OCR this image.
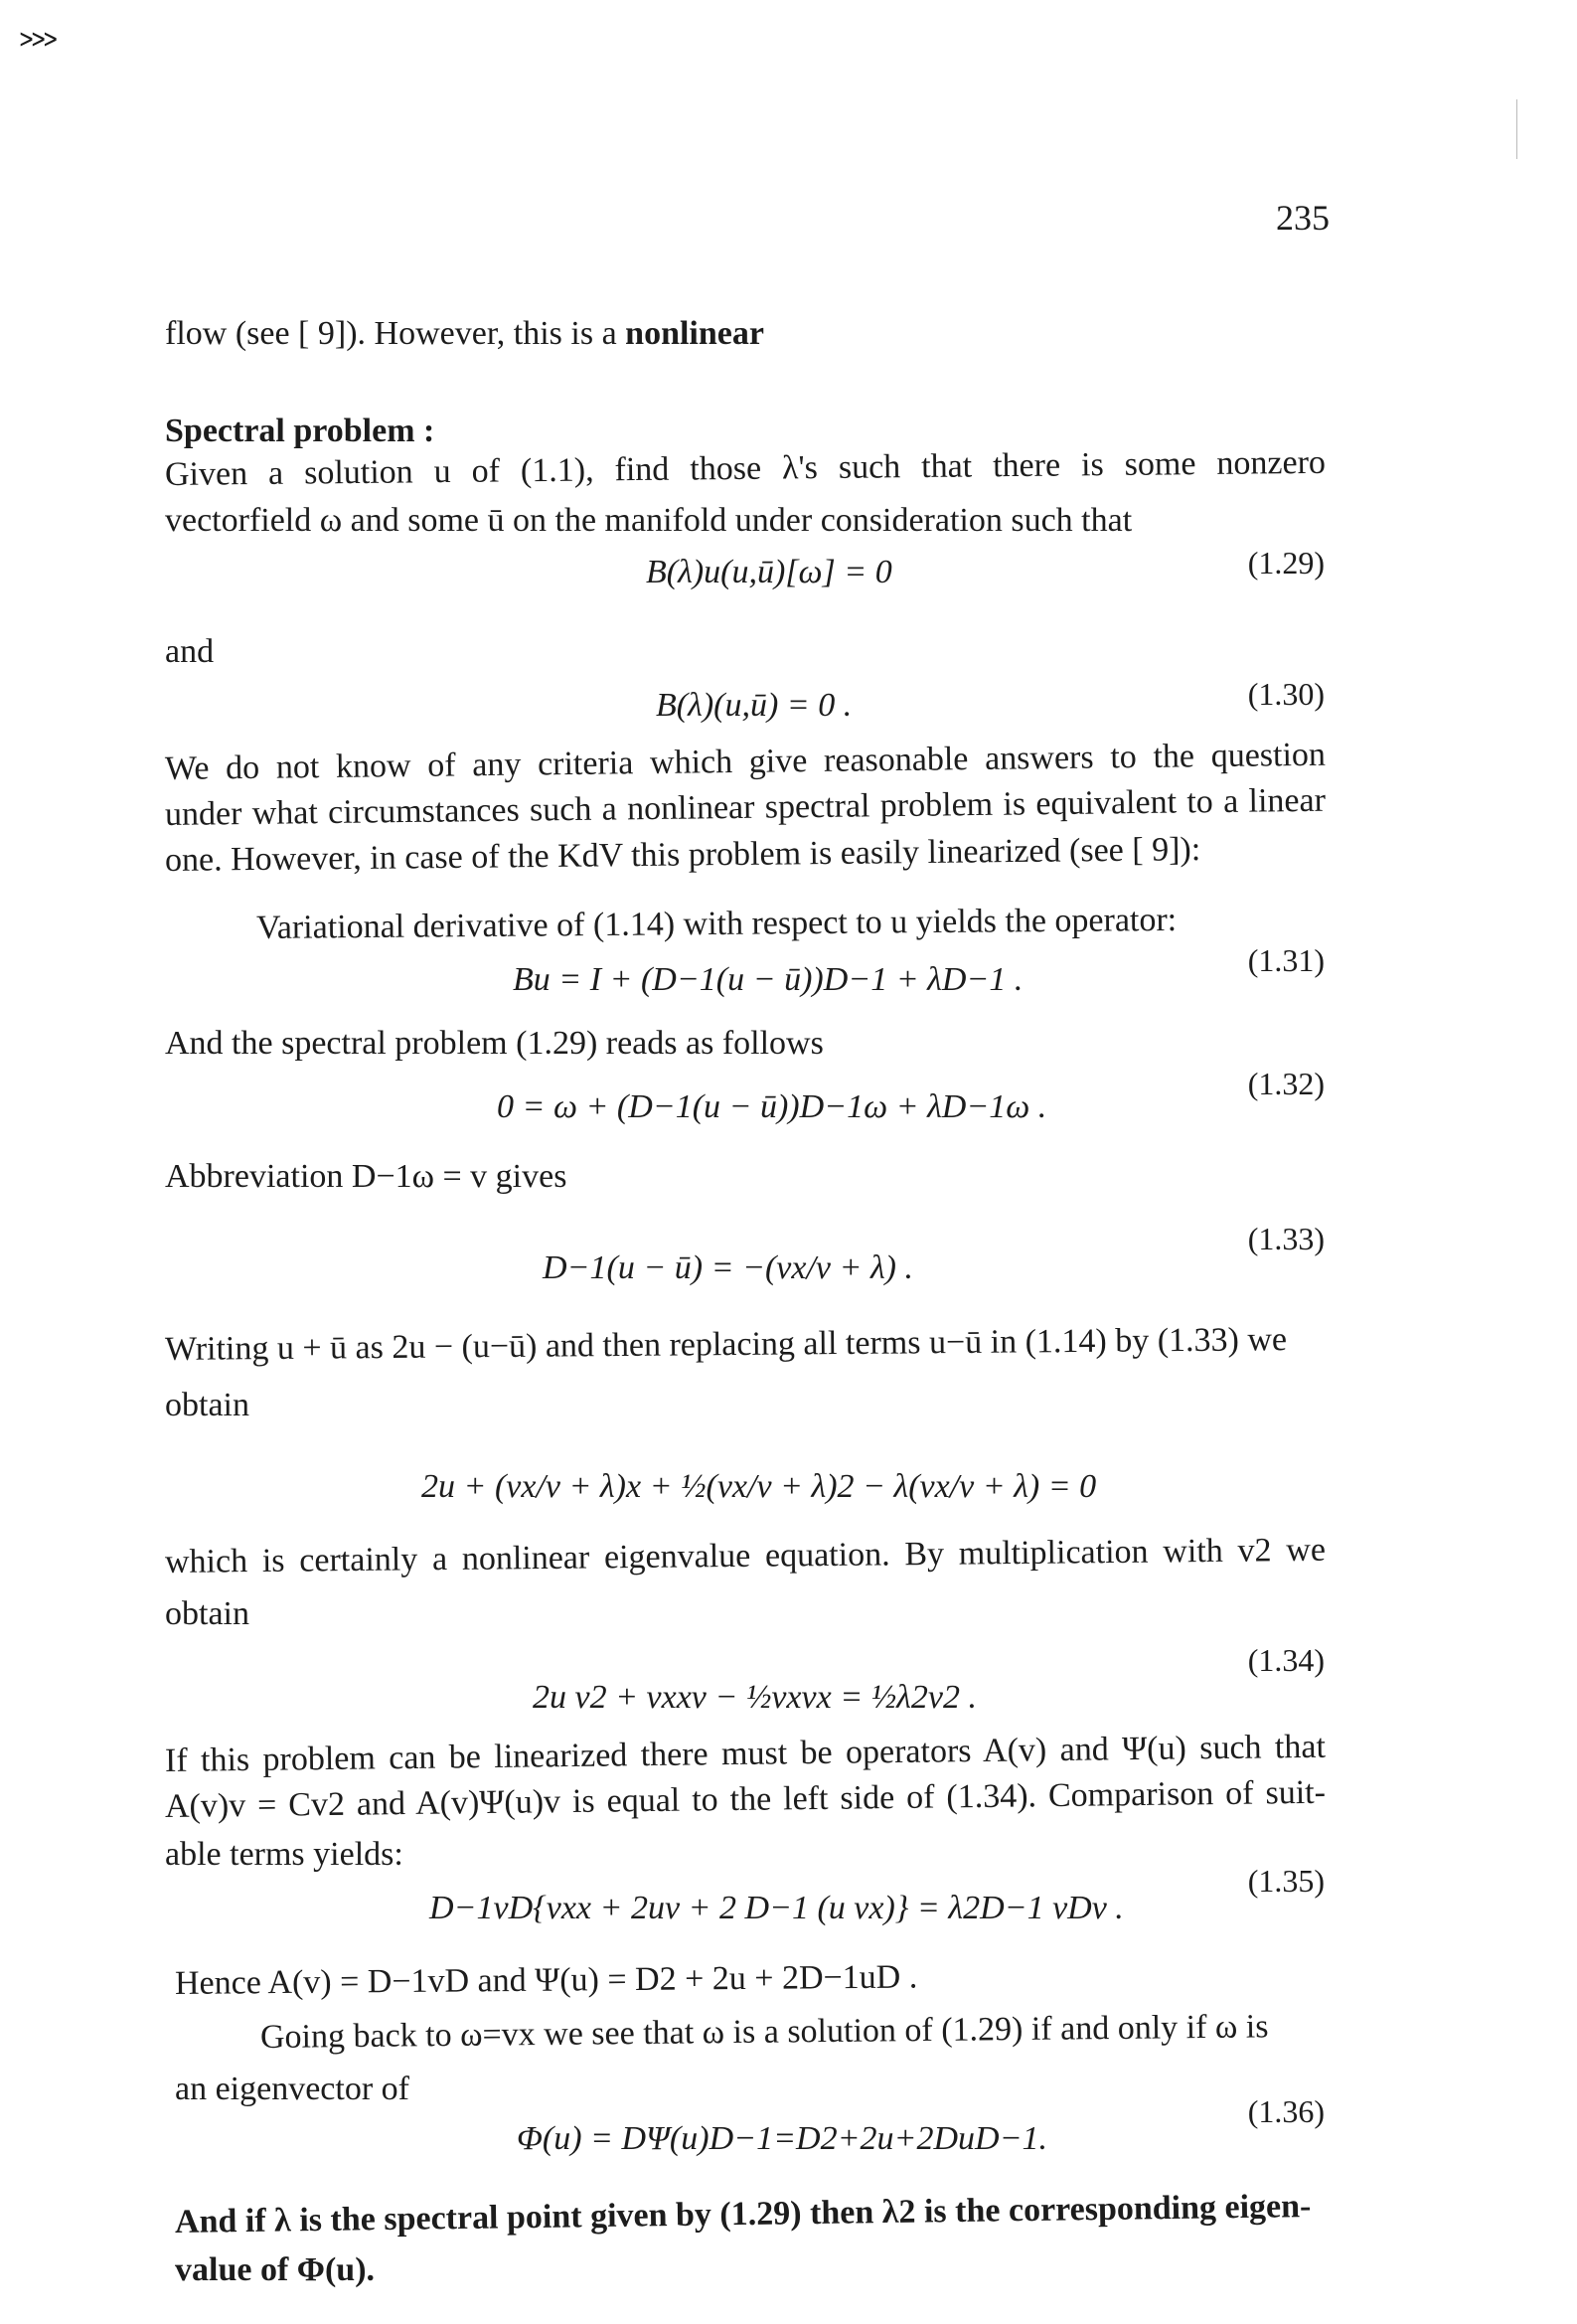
ᐳᐳᐳ
235
flow (see [ 9]). However, this is a nonlinear
Spectral problem :
Given a solution u of (1.1), find those λ's such that there is some nonzero
vectorfield ω and some ū on the manifold under consideration such that
B(λ)u(u,ū)[ω] = 0	(1.29)
and
B(λ)(u,ū) = 0 .	(1.30)
We do not know of any criteria which give reasonable answers to the question
under what circumstances such a nonlinear spectral problem is equivalent to a linear
one. However, in case of the KdV this problem is easily linearized (see [ 9]):
Variational derivative of (1.14) with respect to u yields the operator:
Bu = I + (D−1(u − ū))D−1 + λD−1 .
(1.31)
And the spectral problem (1.29) reads as follows
0 = ω + (D−1(u − ū))D−1ω + λD−1ω .
(1.32)
Abbreviation D−1ω = v gives
D−1(u − ū) = −(vx/v + λ) .
(1.33)
Writing u + ū as 2u − (u−ū) and then replacing all terms u−ū in (1.14) by (1.33) we
obtain
2u + (vx/v + λ)x + ½(vx/v + λ)2 − λ(vx/v + λ) = 0
which is certainly a nonlinear eigenvalue equation. By multiplication with v2 we
obtain
2u v2 + vxxv − ½vxvx = ½λ2v2 .
(1.34)
If this problem can be linearized there must be operators A(v) and Ψ(u) such that
A(v)v = Cv2 and A(v)Ψ(u)v is equal to the left side of (1.34). Comparison of suit-
able terms yields:
D−1vD{vxx + 2uv + 2 D−1 (u vx)} = λ2D−1 vDv .
(1.35)
Hence A(v) = D−1vD and Ψ(u) = D2 + 2u + 2D−1uD .
Going back to ω=vx we see that ω is a solution of (1.29) if and only if ω is
an eigenvector of
Φ(u) = DΨ(u)D−1=D2+2u+2DuD−1.
(1.36)
And if λ is the spectral point given by (1.29) then λ2 is the corresponding eigen-
value of Φ(u).
